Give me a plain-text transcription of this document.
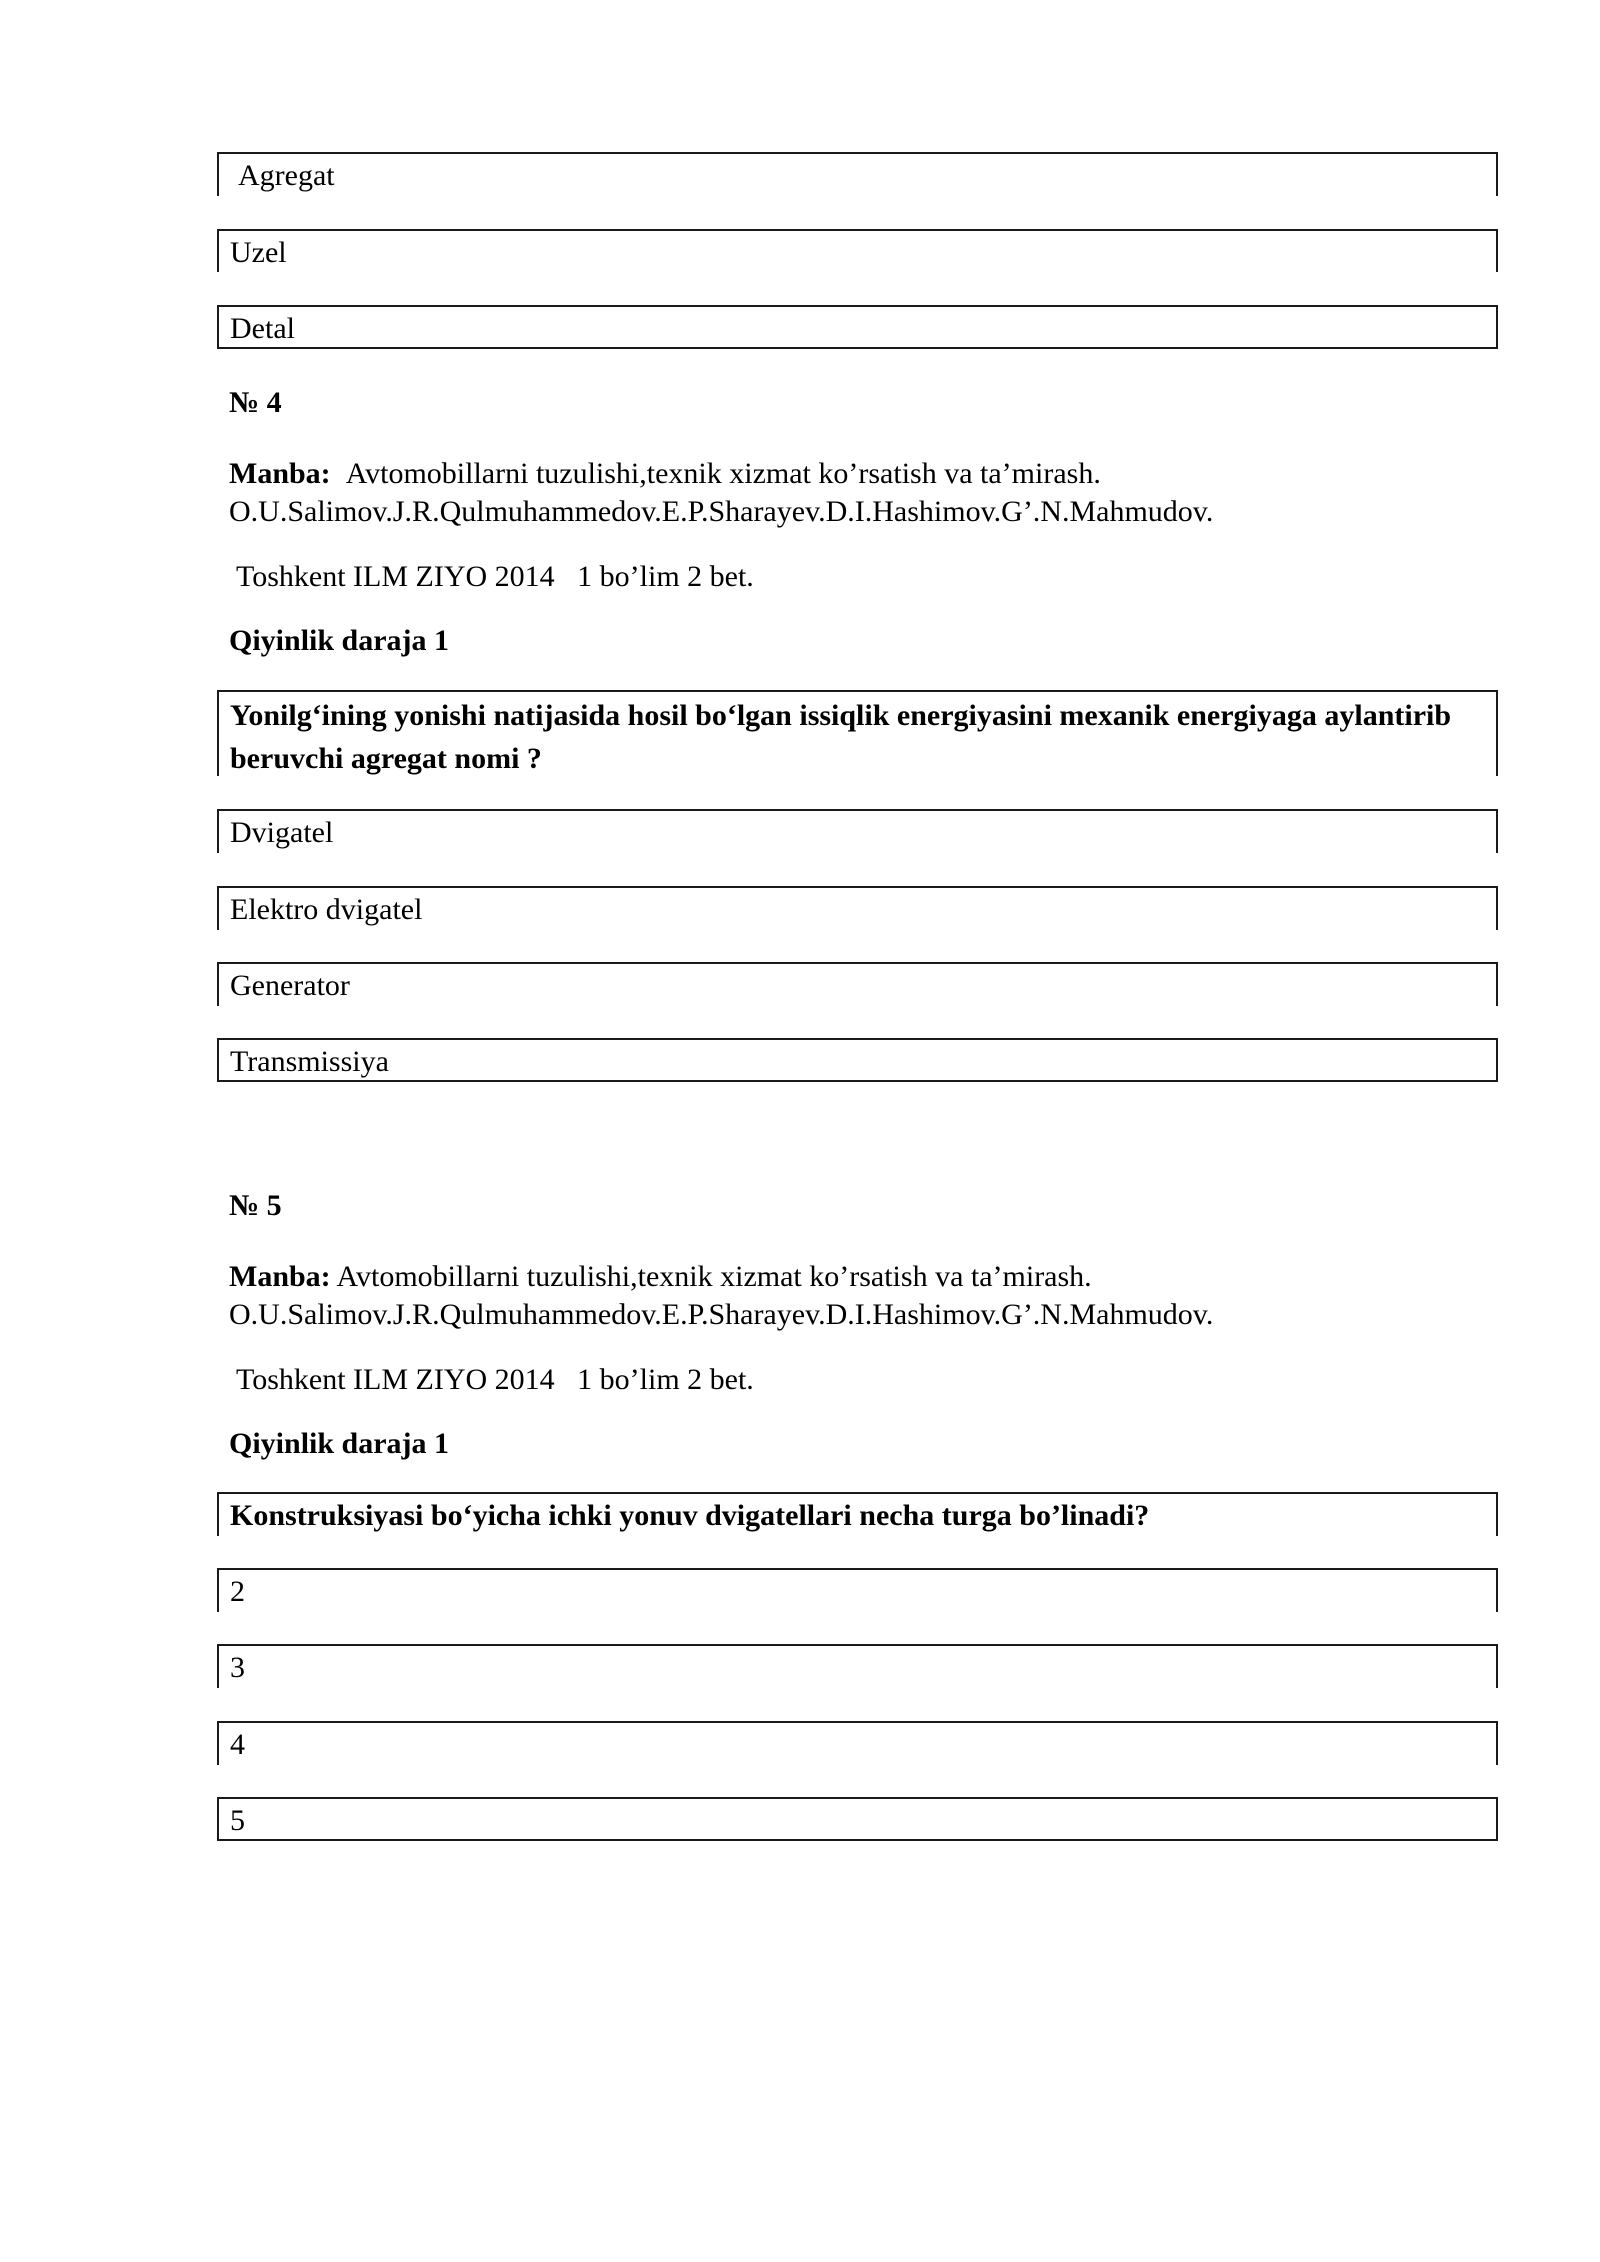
Agregat
Uzel
Detal
№ 4
Manba: Avtomobillarni tuzulishi,texnik xizmat ko’rsatish va ta’mirash.
O.U.Salimov.J.R.Qulmuhammedov.E.P.Sharayev.D.I.Hashimov.G’.N.Mahmudov.
Toshkent ILM ZIYO 2014   1 bo’lim 2 bet.
Qiyinlik daraja 1
Yonilg‘ining yonishi natijasida hosil bo‘lgan issiqlik energiyasini mexanik energiyaga aylantirib beruvchi agregat nomi ?
Dvigatel
Elektro dvigatel
Generator
Transmissiya
№ 5
Manba: Avtomobillarni tuzulishi,texnik xizmat ko’rsatish va ta’mirash.
O.U.Salimov.J.R.Qulmuhammedov.E.P.Sharayev.D.I.Hashimov.G’.N.Mahmudov.
Toshkent ILM ZIYO 2014   1 bo’lim 2 bet.
Qiyinlik daraja 1
Konstruksiyasi bo‘yicha ichki yonuv dvigatellari necha turga bo’linadi?
2
3
4
5
